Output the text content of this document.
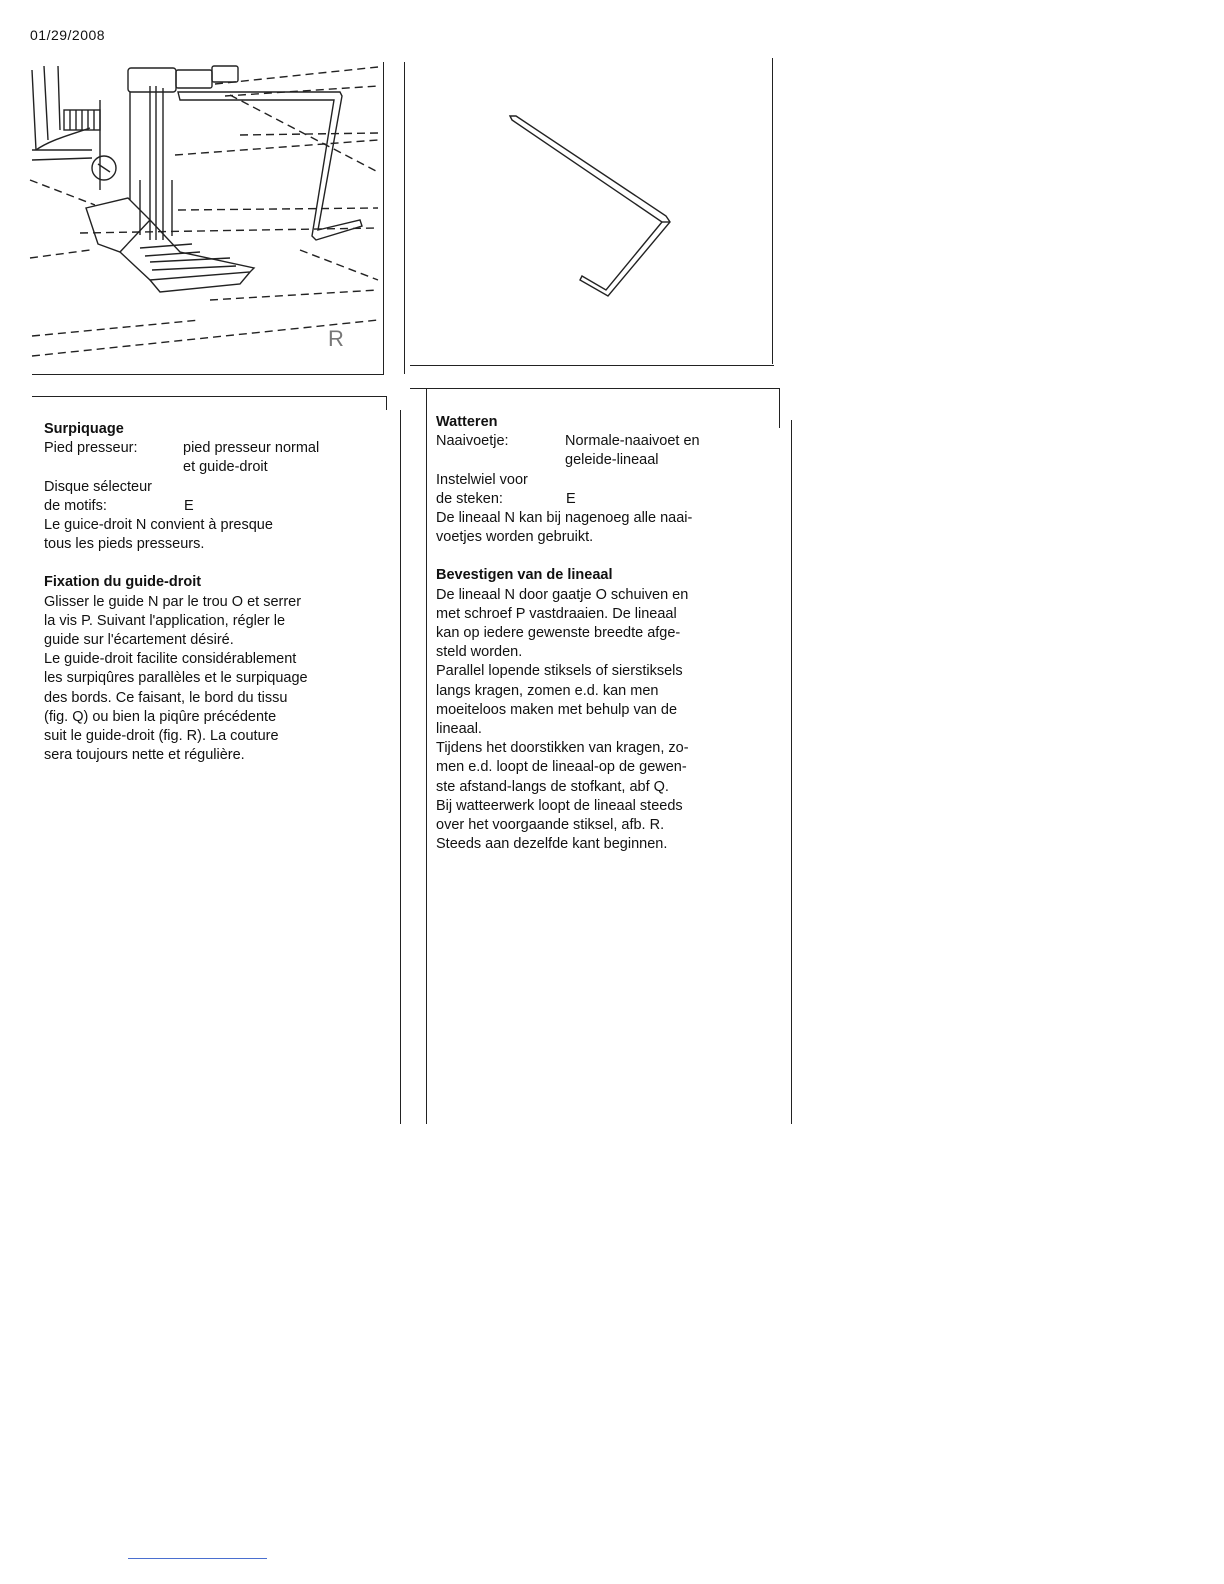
01/29/2008
R
Surpiquage
Pied presseur:	pied presseur normal
et guide-droit

Disque sélecteur

de motifs:	E

Le guice-droit N convient à presque

tous les pieds presseurs.

Fixation du guide-droit

Glisser le guide N par le trou O et serrer

la vis P. Suivant l'application, régler le

guide sur l'écartement désiré.

Le guide-droit facilite considérablement

les surpiqûres parallèles et le surpiquage

des bords. Ce faisant, le bord du tissu

(fig. Q) ou bien la piqûre précédente

suit le guide-droit (fig. R). La couture

sera toujours nette et régulière.

Watteren
Naaivoetje:	Normale-naaivoet en
geleide-lineaal

Instelwiel voor

de steken:	E

De lineaal N kan bij nagenoeg alle naai-

voetjes worden gebruikt.

Bevestigen van de lineaal

De lineaal N door gaatje O schuiven en

met schroef P vastdraaien. De lineaal

kan op iedere gewenste breedte afge-

steld worden.

Parallel lopende stiksels of sierstiksels

langs kragen, zomen e.d. kan men

moeiteloos maken met behulp van de

lineaal.

Tijdens het doorstikken van kragen, zo-

men e.d. loopt de lineaal-op de gewen-

ste afstand-langs de stofkant, abf Q.

Bij watteerwerk loopt de lineaal steeds

over het voorgaande stiksel, afb. R.

Steeds aan dezelfde kant beginnen.
